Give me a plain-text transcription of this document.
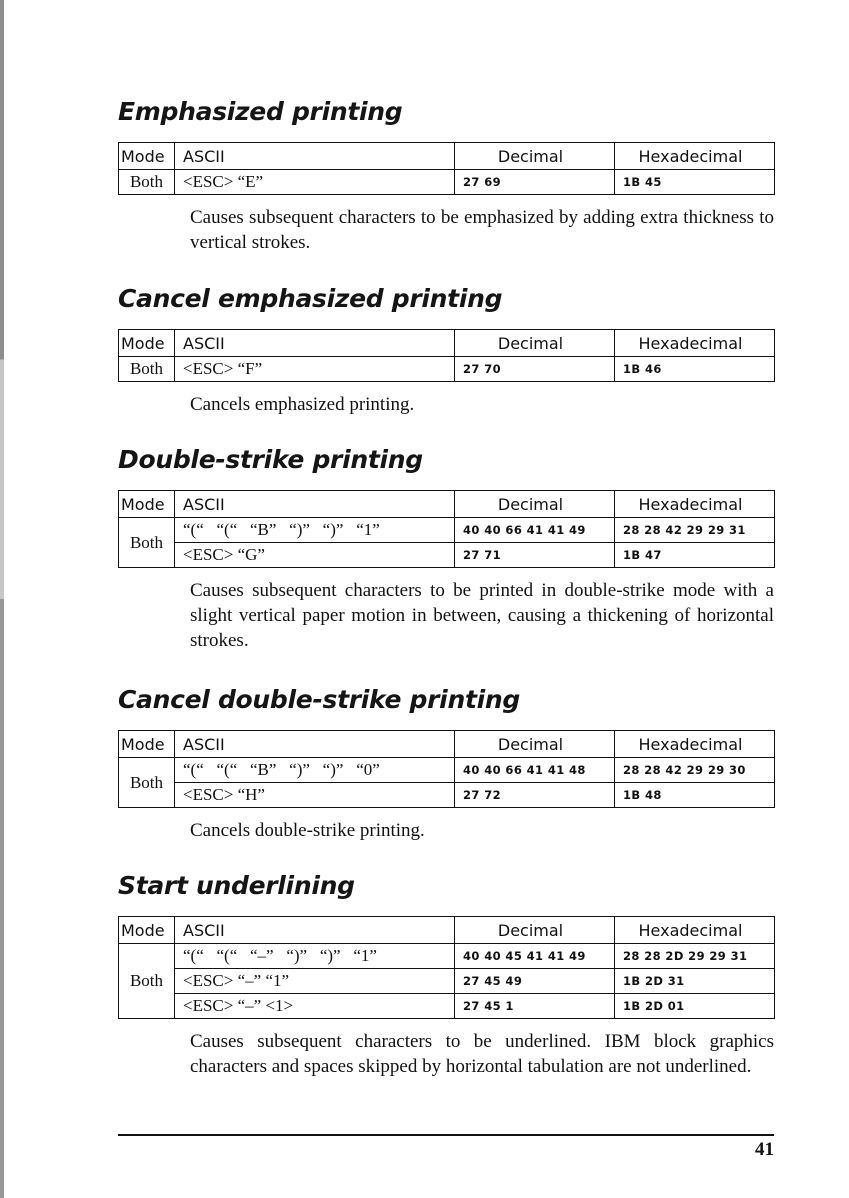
Emphasized printing
Mode	ASCII	Decimal	Hexadecimal
Both	<ESC> “E”	27 69	1B 45

Causes subsequent characters to be emphasized by adding extra thickness to vertical strokes.

Cancel emphasized printing
Mode	ASCII	Decimal	Hexadecimal
Both	<ESC> “F”	27 70	1B 46

Cancels emphasized printing.

Double-strike printing
Mode	ASCII	Decimal	Hexadecimal
Both	“(“   “(“   “B”   “)”   “)”   “1”	40 40 66 41 41 49	28 28 42 29 29 31
	<ESC> “G”	27 71	1B 47

Causes subsequent characters to be printed in double-strike mode with a slight vertical paper motion in between, causing a thickening of horizontal strokes.

Cancel double-strike printing
Mode	ASCII	Decimal	Hexadecimal
Both	“(“   “(“   “B”   “)”   “)”   “0”	40 40 66 41 41 48	28 28 42 29 29 30
	<ESC> “H”	27 72	1B 48

Cancels double-strike printing.

Start underlining
Mode	ASCII	Decimal	Hexadecimal
Both	“(“   “(“   “–”   “)”   “)”   “1”	40 40 45 41 41 49	28 28 2D 29 29 31
	<ESC> “–” “1”	27 45 49	1B 2D 31
	<ESC> “–” <1>	27 45 1	1B 2D 01

Causes subsequent characters to be underlined. IBM block graphics characters and spaces skipped by horizontal tabulation are not underlined.

41
